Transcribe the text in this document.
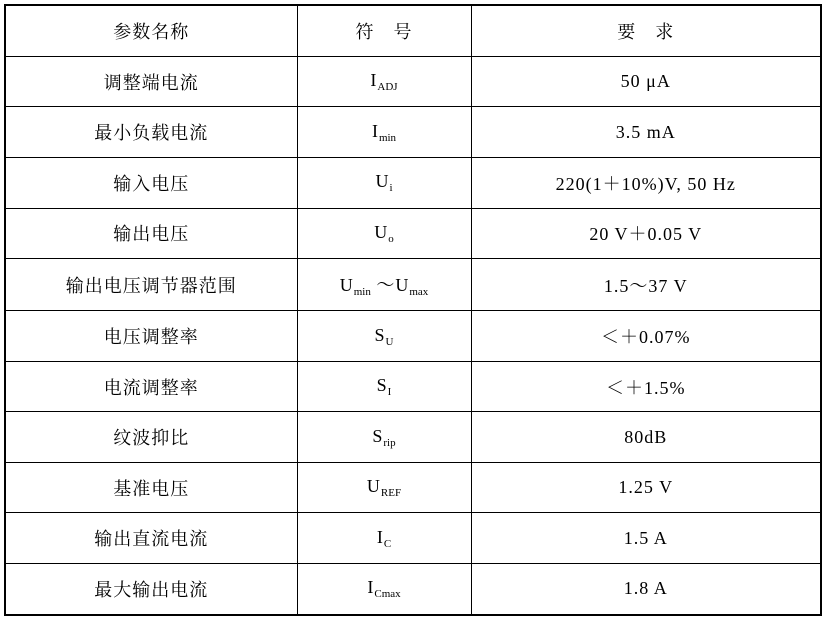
参数名称	符　号	要　求
调整端电流	$I_{ADJ}$	50 μA
最小负载电流	$I_{min}$	3.5 mA
输入电压	$U_i$	220(1＋10%)V, 50 Hz
输出电压	$U_o$	20 V＋0.05 V
输出电压调节器范围	$U_{min}$ $\sim U_{max}$	1.5～37 V
电压调整率	$S_U$	＜＋0.07%
电流调整率	$S_I$	＜＋1.5%
纹波抑比	$S_{rip}$	80dB
基准电压	$U_{REF}$	1.25 V
输出直流电流	$I_C$	1.5 A
最大输出电流	$I_{Cmax}$	1.8 A
